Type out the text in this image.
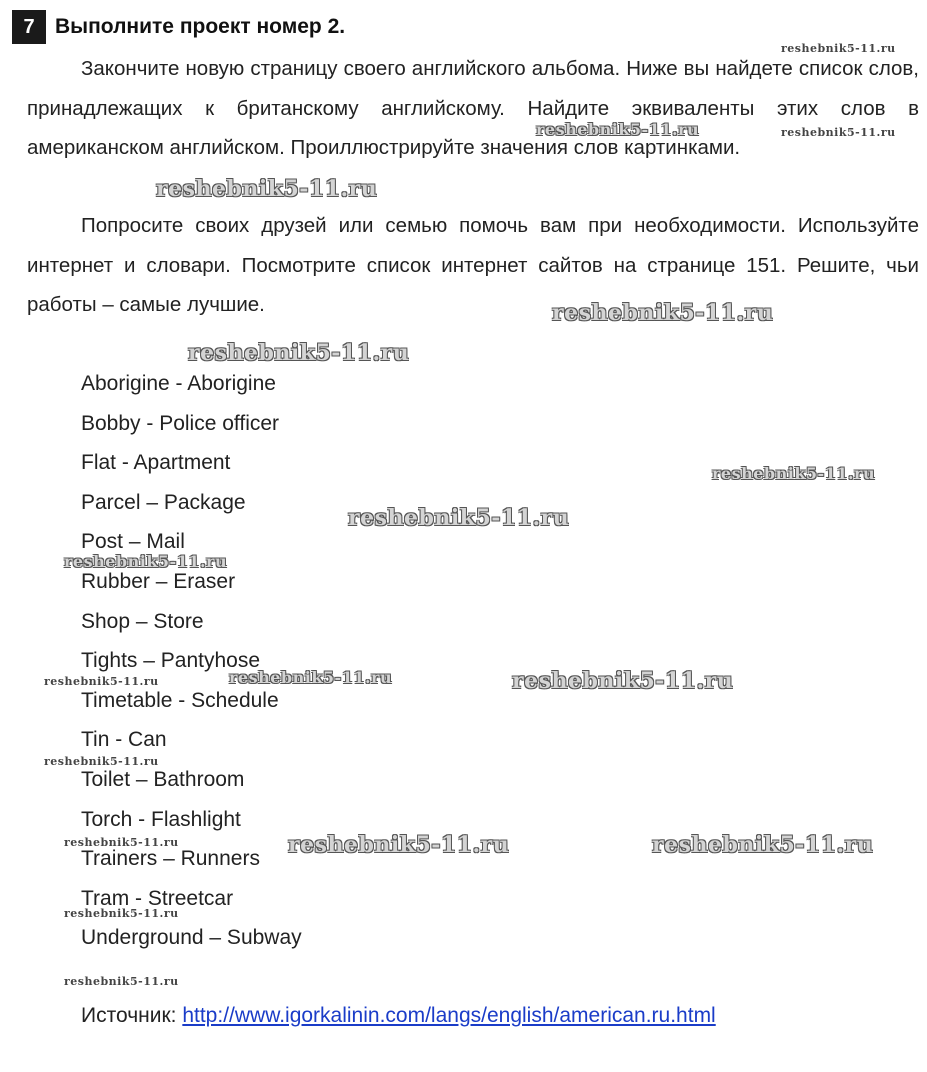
7 Выполните проект номер 2.
Закончите новую страницу своего английского альбома. Ниже вы найдете список слов, принадлежащих к британскому английскому. Найдите эквиваленты этих слов в американском английском. Проиллюстрируйте значения слов картинками.
Попросите своих друзей или семью помочь вам при необходимости. Используйте интернет и словари. Посмотрите список интернет сайтов на странице 151. Решите, чьи работы – самые лучшие.
Aborigine - Aborigine
Bobby - Police officer
Flat - Apartment
Parcel – Package
Post – Mail
Rubber – Eraser
Shop – Store
Tights – Pantyhose
Timetable - Schedule
Tin - Can
Toilet – Bathroom
Torch - Flashlight
Trainers – Runners
Tram - Streetcar
Underground – Subway
Источник: http://www.igorkalinin.com/langs/english/american.ru.html
reshebnik5-11.ru
reshebnik5-11.ru	reshebnik5-11.ru
reshebnik5-11.ru
reshebnik5-11.ru
reshebnik5-11.ru
reshebnik5-11.ru
reshebnik5-11.ru
reshebnik5-11.ru
reshebnik5-11.ru	reshebnik5-11.ru	reshebnik5-11.ru
reshebnik5-11.ru
reshebnik5-11.ru	reshebnik5-11.ru	reshebnik5-11.ru
reshebnik5-11.ru
reshebnik5-11.ru
